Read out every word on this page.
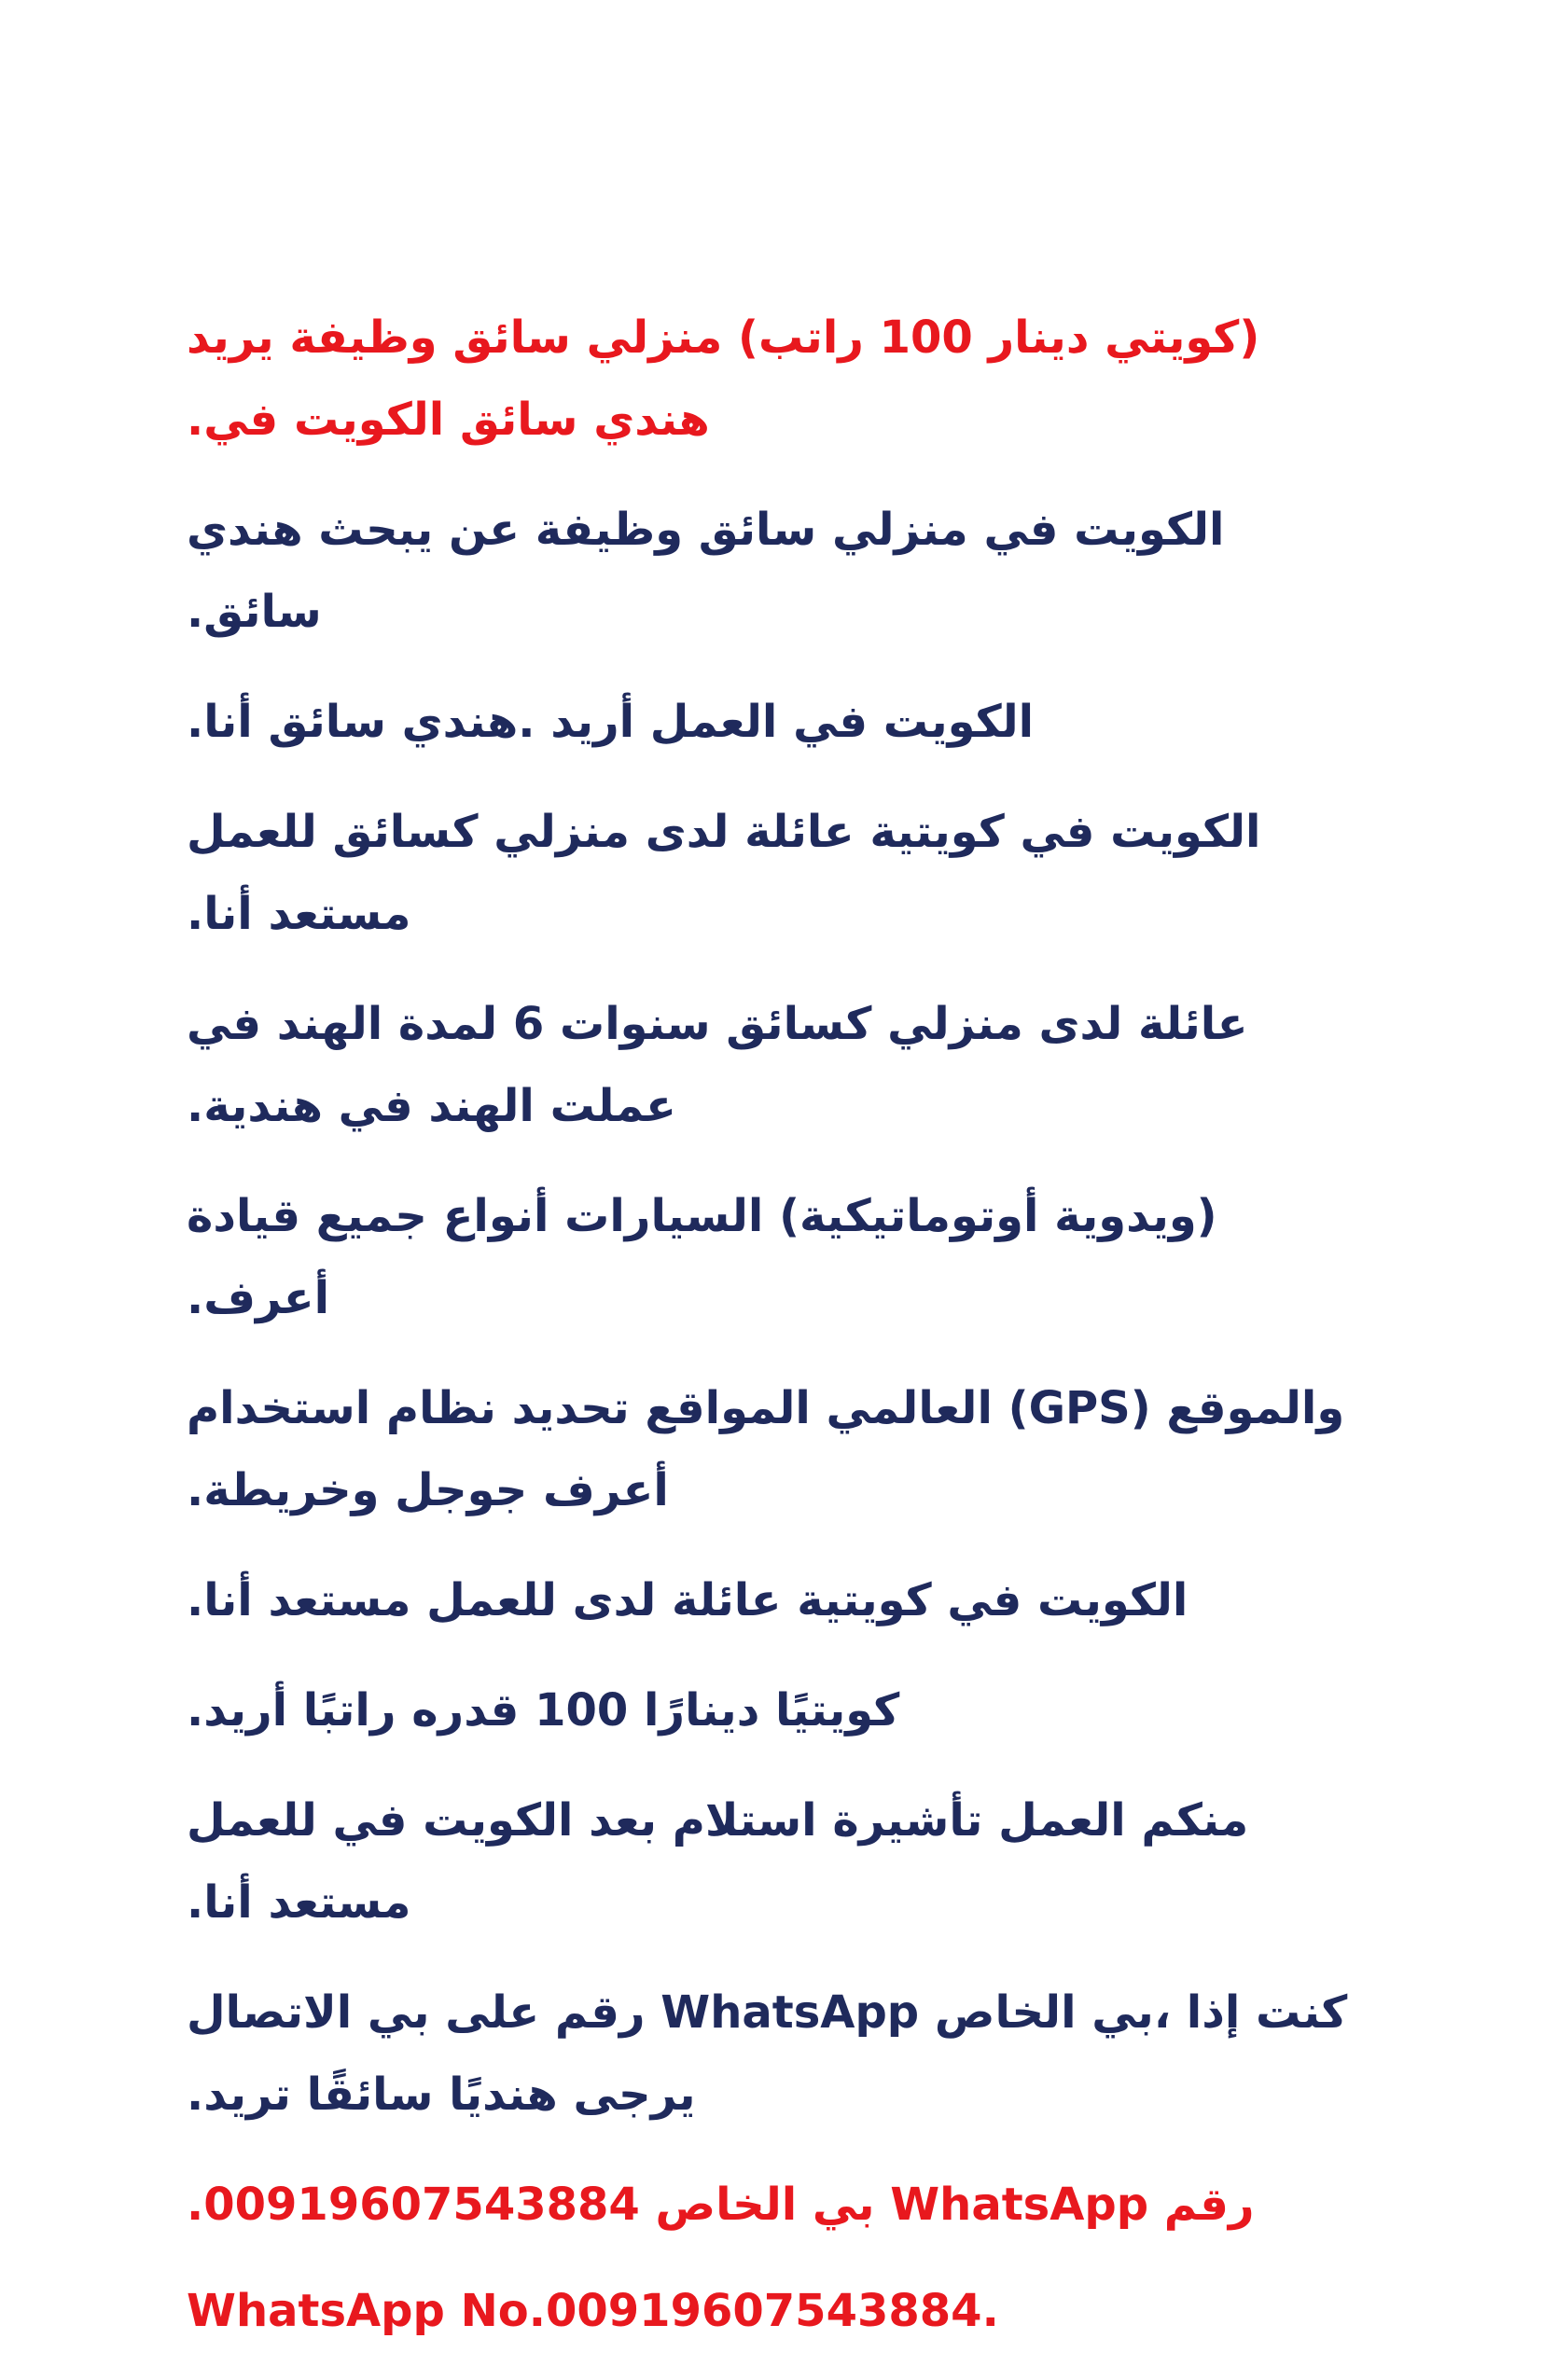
(كويتي دينار 100 راتب) منزلي سائق وظيفة يريد هندي سائق الكويت في.

الكويت في منزلي سائق وظيفة عن يبحث هندي سائق.

الكويت في العمل أريد .هندي سائق أنا.

الكويت في كويتية عائلة لدى منزلي كسائق للعمل مستعد أنا.

عائلة لدى منزلي كسائق سنوات 6 لمدة الهند في عملت الهند في هندية.

(ويدوية أوتوماتيكية) السيارات أنواع جميع قيادة أعرف.

والموقع (GPS) العالمي المواقع تحديد نظام استخدام أعرف جوجل وخريطة.

الكويت في كويتية عائلة لدى للعمل مستعد أنا.

كويتيًا دينارًا 100 قدره راتبًا أريد.

منكم العمل تأشيرة استلام بعد الكويت في للعمل مستعد أنا.

كنت إذا ،بي الخاص WhatsApp رقم على بي الاتصال يرجى هنديًا سائقًا تريد.

رقم WhatsApp بي الخاص 00919607543884.

WhatsApp No.00919607543884.
